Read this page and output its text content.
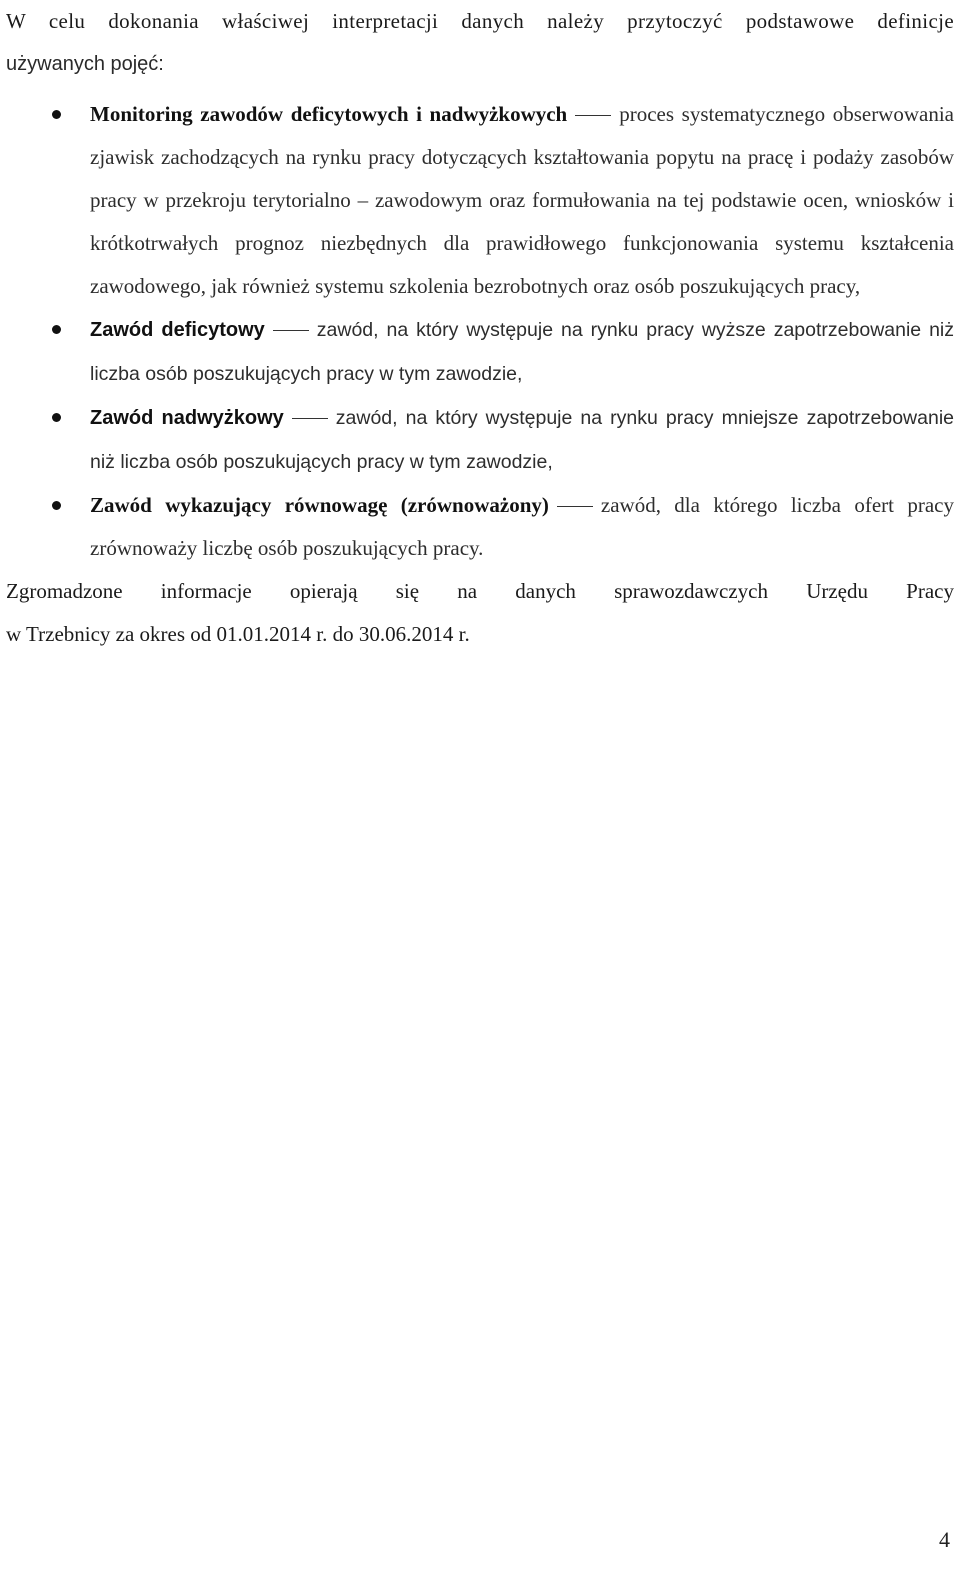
W celu dokonania właściwej interpretacji danych należy przytoczyć podstawowe definicje
używanych pojęć:

Monitoring zawodów deficytowych i nadwyżkowych proces systematycznego obserwowania zjawisk zachodzących na rynku pracy dotyczących kształtowania popytu na pracę i podaży zasobów pracy w przekroju terytorialno – zawodowym oraz formułowania na tej podstawie ocen, wniosków i krótkotrwałych prognoz niezbędnych dla prawidłowego funkcjonowania systemu kształcenia zawodowego, jak również systemu szkolenia bezrobotnych oraz osób poszukujących pracy,
Zawód deficytowy	zawód, na który występuje na rynku pracy wyższe zapotrzebowanie niż liczba osób poszukujących pracy w tym zawodzie,
Zawód nadwyżkowy	zawód, na który występuje na rynku pracy mniejsze zapotrzebowanie niż liczba osób poszukujących pracy w tym zawodzie,
Zawód wykazujący równowagę (zrównoważony) zawód, dla którego liczba ofert pracy zrównoważy liczbę osób poszukujących pracy.

Zgromadzone informacje opierają się na danych sprawozdawczych Urzędu Pracy
w Trzebnicy za okres od 01.01.2014 r. do 30.06.2014 r.

4
